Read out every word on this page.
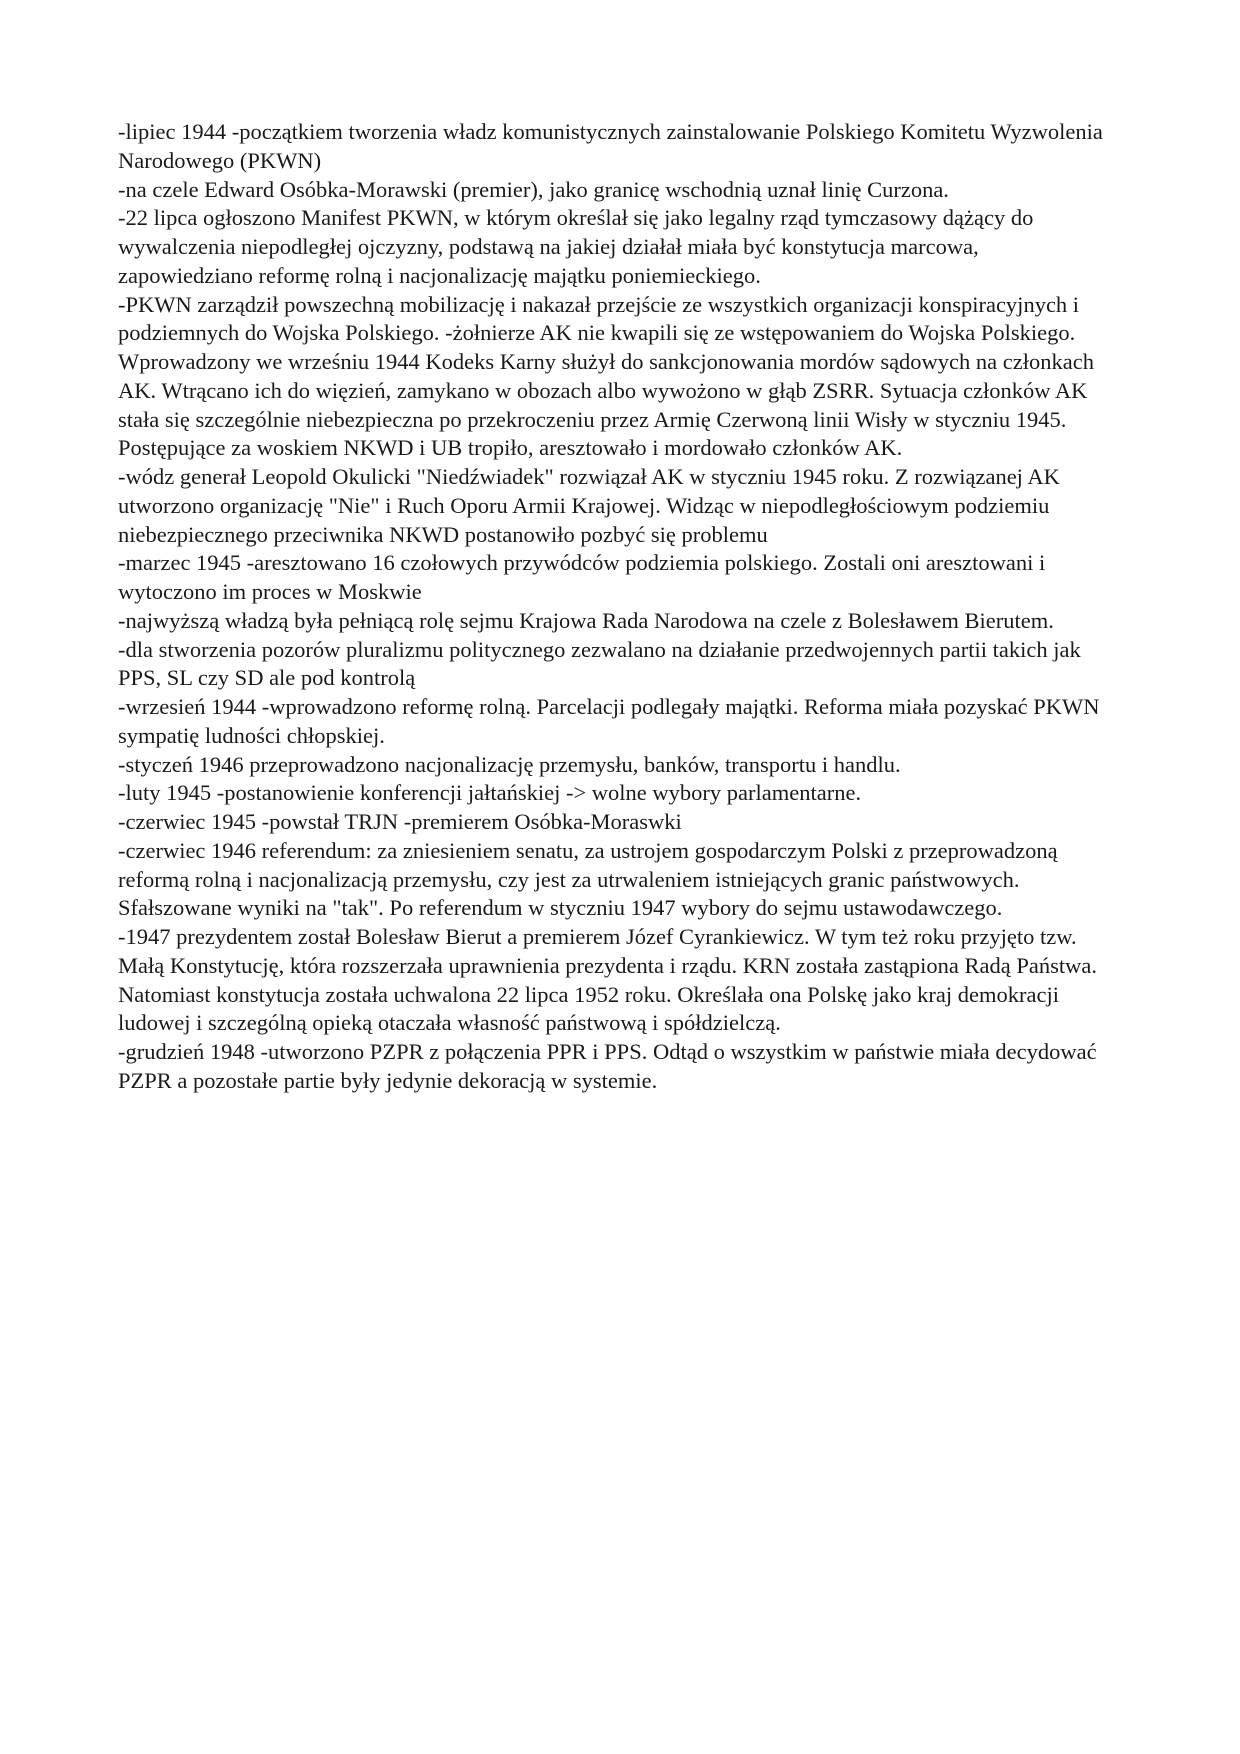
-lipiec 1944 -początkiem tworzenia władz komunistycznych zainstalowanie Polskiego Komitetu Wyzwolenia Narodowego (PKWN)

-na czele Edward Osóbka-Morawski (premier), jako granicę wschodnią uznał linię Curzona.

-22 lipca ogłoszono Manifest PKWN, w którym określał się jako legalny rząd tymczasowy dążący do wywalczenia niepodległej ojczyzny, podstawą na jakiej działał miała być konstytucja marcowa, zapowiedziano reformę rolną i nacjonalizację majątku poniemieckiego.

-PKWN zarządził powszechną mobilizację i nakazał przejście ze wszystkich organizacji konspiracyjnych i podziemnych do Wojska Polskiego. -żołnierze AK nie kwapili się ze wstępowaniem do Wojska Polskiego. Wprowadzony we wrześniu 1944 Kodeks Karny służył do sankcjonowania mordów sądowych na członkach AK. Wtrącano ich do więzień, zamykano w obozach albo wywożono w głąb ZSRR. Sytuacja członków AK stała się szczególnie niebezpieczna po przekroczeniu przez Armię Czerwoną linii Wisły w styczniu 1945. Postępujące za woskiem NKWD i UB tropiło, aresztowało i mordowało członków AK.

-wódz generał Leopold Okulicki "Niedźwiadek" rozwiązał AK w styczniu 1945 roku. Z rozwiązanej AK utworzono organizację "Nie" i Ruch Oporu Armii Krajowej. Widząc w niepodległościowym podziemiu niebezpiecznego przeciwnika NKWD postanowiło pozbyć się problemu

-marzec 1945 -aresztowano 16 czołowych przywódców podziemia polskiego. Zostali oni aresztowani i wytoczono im proces w Moskwie

-najwyższą władzą była pełniącą rolę sejmu Krajowa Rada Narodowa na czele z Bolesławem Bierutem.

-dla stworzenia pozorów pluralizmu politycznego zezwalano na działanie przedwojennych partii takich jak PPS, SL czy SD ale pod kontrolą

-wrzesień 1944 -wprowadzono reformę rolną. Parcelacji podlegały majątki. Reforma miała pozyskać PKWN sympatię ludności chłopskiej.

-styczeń 1946 przeprowadzono nacjonalizację przemysłu, banków, transportu i handlu.

-luty 1945 -postanowienie konferencji jałtańskiej -> wolne wybory parlamentarne.

-czerwiec 1945 -powstał TRJN -premierem Osóbka-Moraswki

-czerwiec 1946 referendum: za zniesieniem senatu, za ustrojem gospodarczym Polski z przeprowadzoną reformą rolną i nacjonalizacją przemysłu, czy jest za utrwaleniem istniejących granic państwowych. Sfałszowane wyniki na "tak". Po referendum w styczniu 1947 wybory do sejmu ustawodawczego.

-1947 prezydentem został Bolesław Bierut a premierem Józef Cyrankiewicz. W tym też roku przyjęto tzw. Małą Konstytucję, która rozszerzała uprawnienia prezydenta i rządu. KRN została zastąpiona Radą Państwa. Natomiast konstytucja została uchwalona 22 lipca 1952 roku. Określała ona Polskę jako kraj demokracji ludowej i szczególną opieką otaczała własność państwową i spółdzielczą.

-grudzień 1948 -utworzono PZPR z połączenia PPR i PPS. Odtąd o wszystkim w państwie miała decydować PZPR a pozostałe partie były jedynie dekoracją w systemie.
